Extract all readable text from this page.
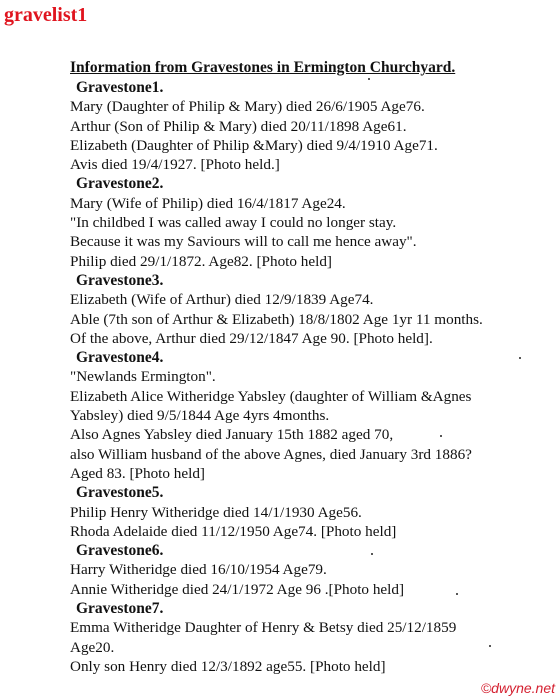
gravelist1
Information from Gravestones in Ermington Churchyard.
Gravestone1.
Mary (Daughter of Philip & Mary) died 26/6/1905 Age76.
Arthur (Son of Philip & Mary) died 20/11/1898 Age61.
Elizabeth (Daughter of Philip &Mary) died 9/4/1910 Age71.
Avis died 19/4/1927. [Photo held.]
Gravestone2.
Mary (Wife of Philip) died 16/4/1817 Age24.
"In childbed I was called away I could no longer stay.
Because it was my Saviours will to call me hence away".
Philip died 29/1/1872. Age82. [Photo held]
Gravestone3.
Elizabeth (Wife of Arthur) died 12/9/1839 Age74.
Able (7th son of Arthur & Elizabeth) 18/8/1802 Age 1yr 11 months.
Of the above, Arthur died 29/12/1847 Age 90. [Photo held].
Gravestone4.
"Newlands Ermington".
Elizabeth Alice Witheridge Yabsley (daughter of William &Agnes
Yabsley) died 9/5/1844 Age 4yrs 4months.
Also Agnes Yabsley died January 15th 1882 aged 70,
also William husband of the above Agnes, died January 3rd 1886?
Aged 83. [Photo held]
Gravestone5.
Philip Henry Witheridge died 14/1/1930 Age56.
Rhoda Adelaide died 11/12/1950 Age74. [Photo held]
Gravestone6.
Harry Witheridge died 16/10/1954 Age79.
Annie Witheridge died 24/1/1972 Age 96 .[Photo held]
Gravestone7.
Emma Witheridge Daughter of Henry & Betsy died 25/12/1859
Age20.
Only son Henry died 12/3/1892 age55. [Photo held]
©dwyne.net
